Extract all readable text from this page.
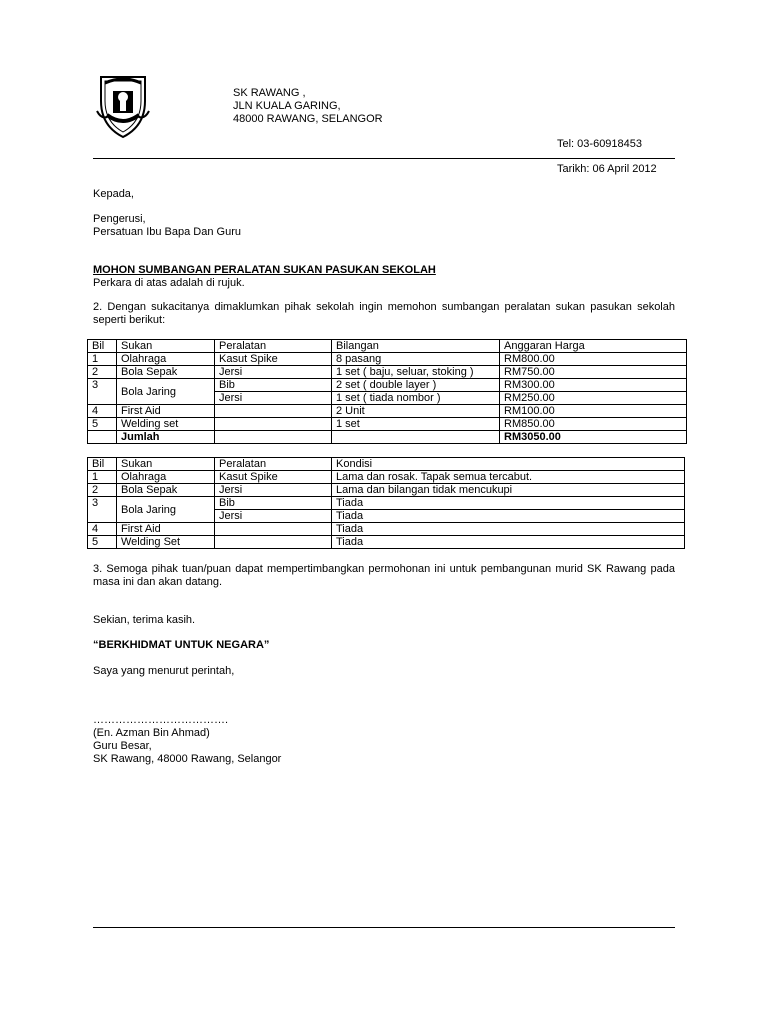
SK RAWANG ,
JLN KUALA GARING,
48000 RAWANG, SELANGOR
Tel: 03-60918453
Tarikh: 06 April 2012
Kepada,
Pengerusi,
Persatuan Ibu Bapa Dan Guru
MOHON SUMBANGAN PERALATAN SUKAN PASUKAN SEKOLAH
Perkara di atas adalah di rujuk.
2. Dengan sukacitanya dimaklumkan pihak sekolah ingin memohon sumbangan peralatan sukan pasukan sekolah seperti berikut:
Bil	Sukan	Peralatan	Bilangan	Anggaran Harga
1	Olahraga	Kasut Spike	8 pasang	RM800.00
2	Bola Sepak	Jersi	1 set ( baju, seluar, stoking )	RM750.00
3	Bola Jaring	Bib	2 set ( double layer )	RM300.00
		Jersi	1 set ( tiada nombor )	RM250.00
4	First Aid		2 Unit	RM100.00
5	Welding set		1 set	RM850.00
	Jumlah			RM3050.00
Bil	Sukan	Peralatan	Kondisi
1	Olahraga	Kasut Spike	Lama dan rosak. Tapak semua tercabut.
2	Bola Sepak	Jersi	Lama dan bilangan tidak mencukupi
3	Bola Jaring	Bib	Tiada
		Jersi	Tiada
4	First Aid		Tiada
5	Welding Set		Tiada
3. Semoga pihak tuan/puan dapat mempertimbangkan permohonan ini untuk pembangunan murid SK Rawang pada masa ini dan akan datang.
Sekian, terima kasih.
“BERKHIDMAT UNTUK NEGARA”
Saya yang menurut perintah,
……………………………….
(En. Azman Bin Ahmad)
Guru Besar,
SK Rawang, 48000 Rawang, Selangor
